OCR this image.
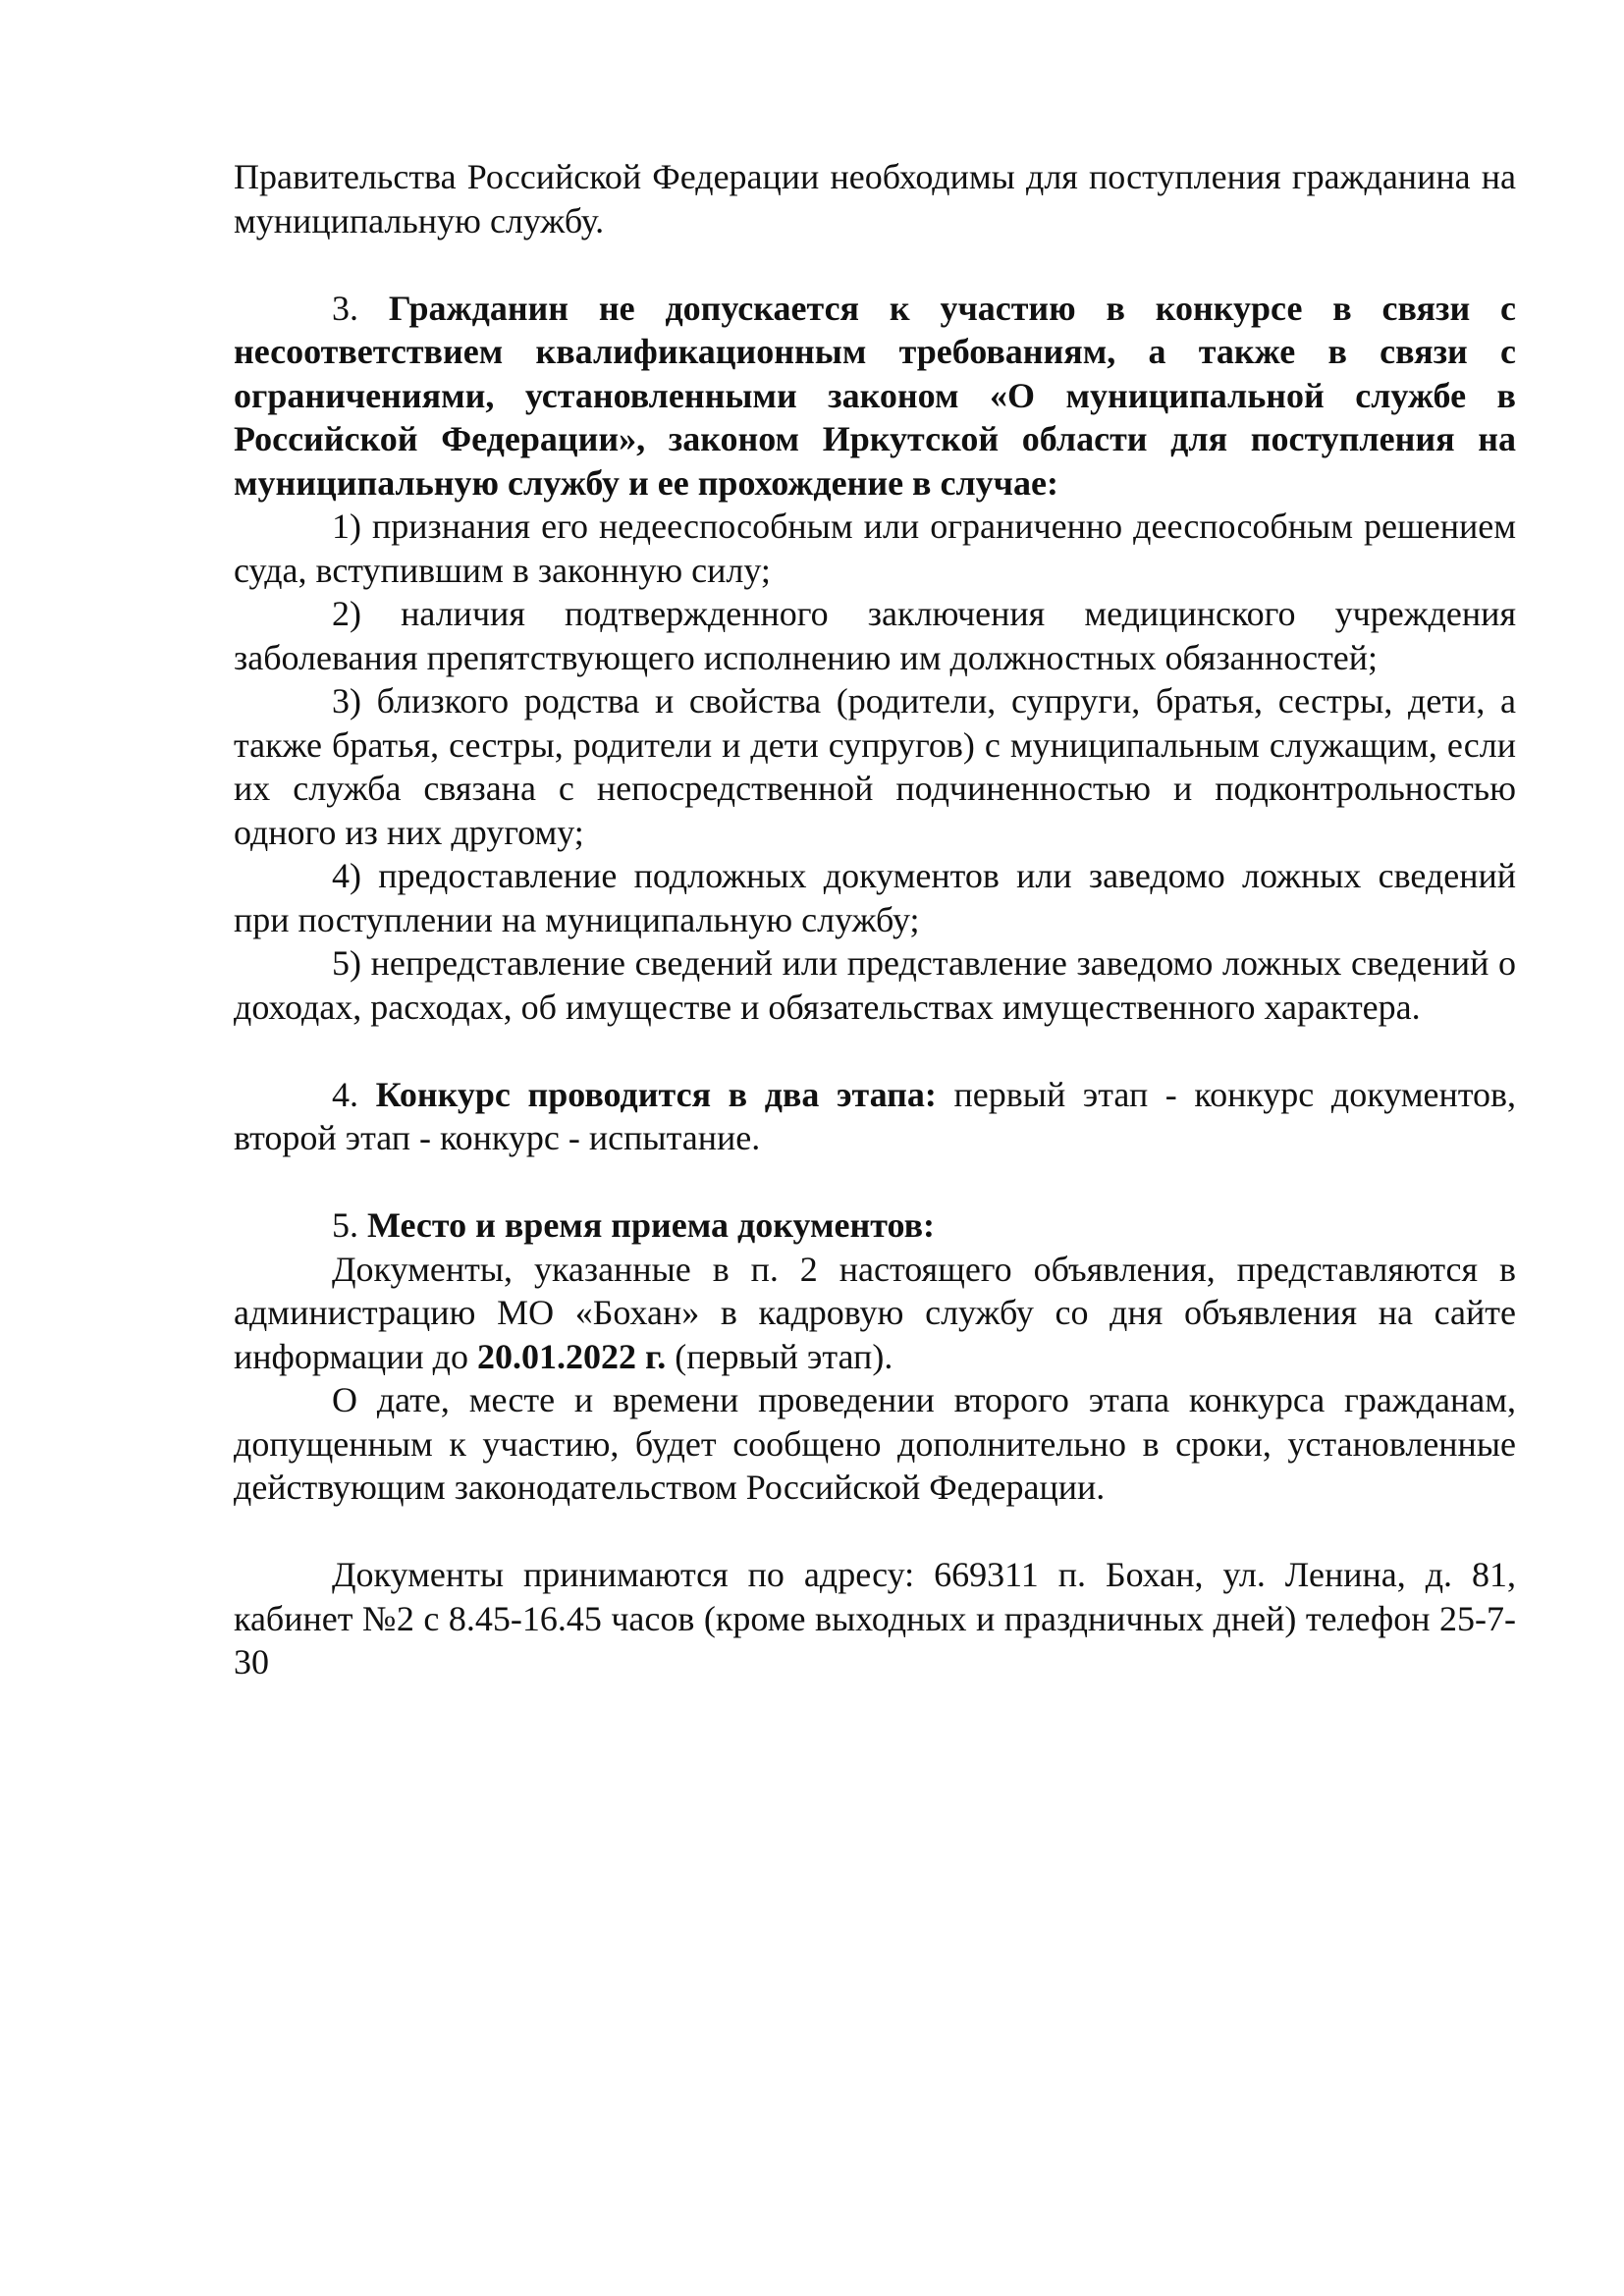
Правительства Российской Федерации необходимы для поступления гражданина на муниципальную службу.

3. Гражданин не допускается к участию в конкурсе в связи с несоответствием квалификационным требованиям, а также в связи с ограничениями, установленными законом «О муниципальной службе в Российской Федерации», законом Иркутской области для поступления на муниципальную службу и ее прохождение в случае:

1) признания его недееспособным или ограниченно дееспособным решением суда, вступившим в законную силу;

2) наличия подтвержденного заключения медицинского учреждения заболевания препятствующего исполнению им должностных обязанностей;

3) близкого родства и свойства (родители, супруги, братья, сестры, дети, а также братья, сестры, родители и дети супругов) с муниципальным служащим, если их служба связана с непосредственной подчиненностью и подконтрольностью одного из них другому;

4) предоставление подложных документов или заведомо ложных сведений при поступлении на муниципальную службу;

5) непредставление сведений или представление заведомо ложных сведений о доходах, расходах, об имуществе и обязательствах имущественного характера.

4. Конкурс проводится в два этапа: первый этап - конкурс документов, второй этап - конкурс - испытание.

5. Место и время приема документов:

Документы, указанные в п. 2 настоящего объявления, представляются в администрацию МО «Бохан» в кадровую службу со дня объявления на сайте информации до 20.01.2022 г. (первый этап).

О дате, месте и времени проведении второго этапа конкурса гражданам, допущенным к участию, будет сообщено дополнительно в сроки, установленные действующим законодательством Российской Федерации.

Документы принимаются по адресу: 669311 п. Бохан, ул. Ленина, д. 81, кабинет №2 с 8.45-16.45 часов (кроме выходных и праздничных дней) телефон 25-7-30
